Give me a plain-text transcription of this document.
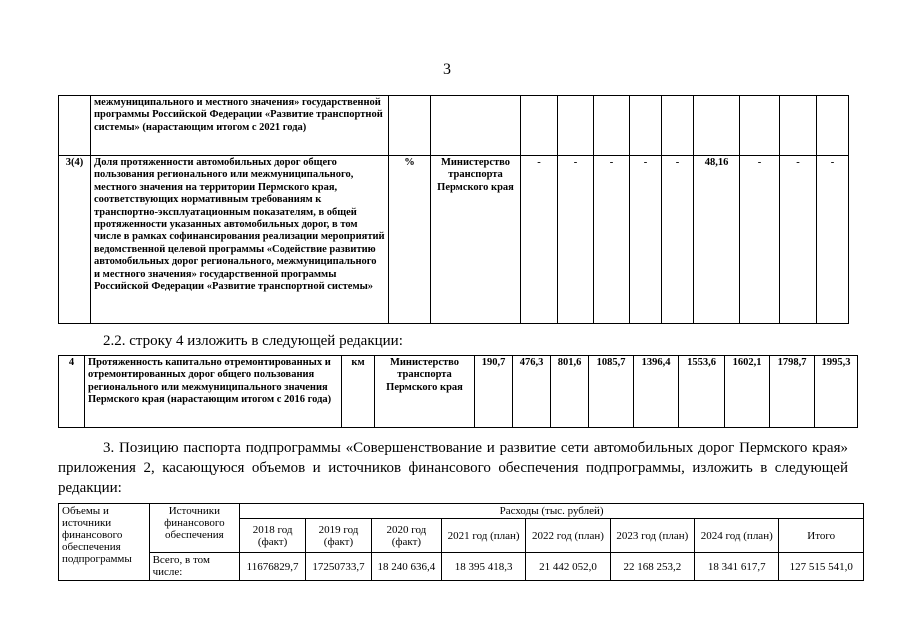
3
	межмуниципального и местного значения» государственной программы Российской Федерации «Развитие транспортной системы» (нарастающим итогом с 2021 года)											
3(4)	Доля протяженности автомобильных дорог общего пользования регионального или межмуниципального, местного значения на территории Пермского края, соответствующих нормативным требованиям к транспортно-эксплуатационным показателям, в общей протяженности указанных автомобильных дорог, в том числе в рамках софинансирования реализации мероприятий ведомственной целевой программы «Содействие развитию автомобильных дорог регионального, межмуниципального и местного значения» государственной программы Российской Федерации «Развитие транспортной системы»	%	Министерство транспорта Пермского края	-	-	-	-	-	48,16	-	-	-
2.2. строку 4 изложить в следующей редакции:
4	Протяженность капитально отремонтированных и отремонтированных дорог общего пользования регионального или межмуниципального значения Пермского края (нарастающим итогом с 2016 года)	км	Министерство транспорта Пермского края	190,7	476,3	801,6	1085,7	1396,4	1553,6	1602,1	1798,7	1995,3
3. Позицию паспорта подпрограммы «Совершенствование и развитие сети автомобильных дорог Пермского края» приложения 2, касающуюся объемов и источников финансового обеспечения подпрограммы, изложить в следующей редакции:
Объемы и источники финансового обеспечения подпрограммы	Источники финансового обеспечения	Расходы (тыс. рублей)							
		2018 год (факт)	2019 год (факт)	2020 год (факт)	2021 год (план)	2022 год (план)	2023 год (план)	2024 год (план)	Итого
	Всего, в том числе:	11676829,7	17250733,7	18 240 636,4	18 395 418,3	21 442 052,0	22 168 253,2	18 341 617,7	127 515 541,0
